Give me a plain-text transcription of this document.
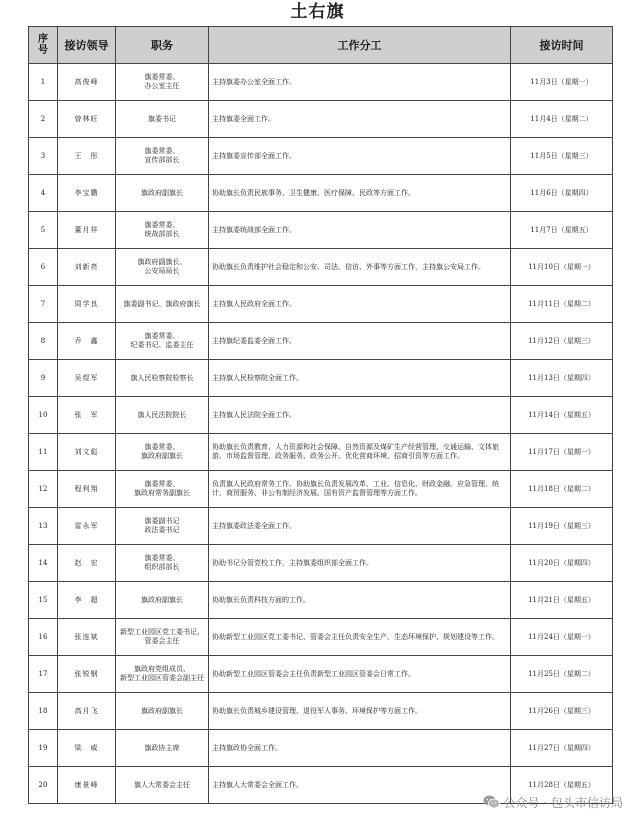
土右旗
序号	接访领导	职务	工作分工	接访时间
1	高俊峰	旗委常委、
办公室主任	主持旗委办公室全面工作。	11月3日（星期一）
2	曾林旺	旗委书记	主持旗委全面工作。	11月4日（星期二）
3	王　彤	旗委常委、
宣传部部长	主持旗委宣传部全面工作。	11月5日（星期三）
4	李宝鹏	旗政府副旗长	协助旗长负责民族事务、卫生健康、医疗保障、民政等方面工作。	11月6日（星期四）
5	董月祥	旗委常委、
统战部部长	主持旗委统战部全面工作。	11月7日（星期五）
6	刘新亮	旗政府副旗长、
公安局局长	协助旗长负责维护社会稳定和公安、司法、信访、外事等方面工作，主持旗公安局工作。	11月10日（星期一）
7	周学良	旗委副书记、旗政府旗长	主持旗人民政府全面工作。	11月11日（星期二）
8	乔　鑫	旗委常委、
纪委书记、监委主任	主持旗纪委监委全面工作。	11月12日（星期三）
9	吴煜军	旗人民检察院检察长	主持旗人民检察院全面工作。	11月13日（星期四）
10	张　军	旗人民法院院长	主持旗人民法院全面工作。	11月14日（星期五）
11	刘文彪	旗委常委、
旗政府副旗长	协助旗长负责教育、人力资源和社会保障、自然资源及煤矿生产经营管理、交通运输、文体旅游、市场监督管理、政务服务、政务公开、优化营商环境、招商引资等方面工作。	11月17日（星期一）
12	程利翔	旗委常委、
旗政府常务副旗长	负责旗人民政府常务工作。协助旗长负责发展改革、工业、信息化、财政金融、应急管理、统计、商贸服务、非公有制经济发展、国有资产监督管理等方面工作。	11月18日（星期二）
13	雷永军	旗委副书记
政法委书记	主持旗委政法委全面工作。	11月19日（星期三）
14	赵　宏	旗委常委、
组织部部长	协助书记分管党校工作，主持旗委组织部全面工作。	11月20日（星期四）
15	李　超	旗政府副旗长	协助旗长负责科技方面的工作。	11月21日（星期五）
16	张连斌	新型工业园区党工委书记、管委会主任	协助新型工业园区党工委书记、管委会主任负责安全生产、生态环境保护、规划建设等工作。	11月24日（星期一）
17	张锐钢	旗政府党组成员、
新型工业园区管委会副主任	协助新型工业园区管委会主任负责新型工业园区管委会日常工作。	11月25日（星期二）
18	高月飞	旗政府副旗长	协助旗长负责城乡建设管理、退役军人事务、环境保护等方面工作。	11月26日（星期三）
19	梁　威	旗政协主席	主持旗政协全面工作。	11月27日（星期四）
20	康景峰	旗人大常委会主任	主持旗人大常委会全面工作。	11月28日（星期五）
公众号 · 包头市信访局
